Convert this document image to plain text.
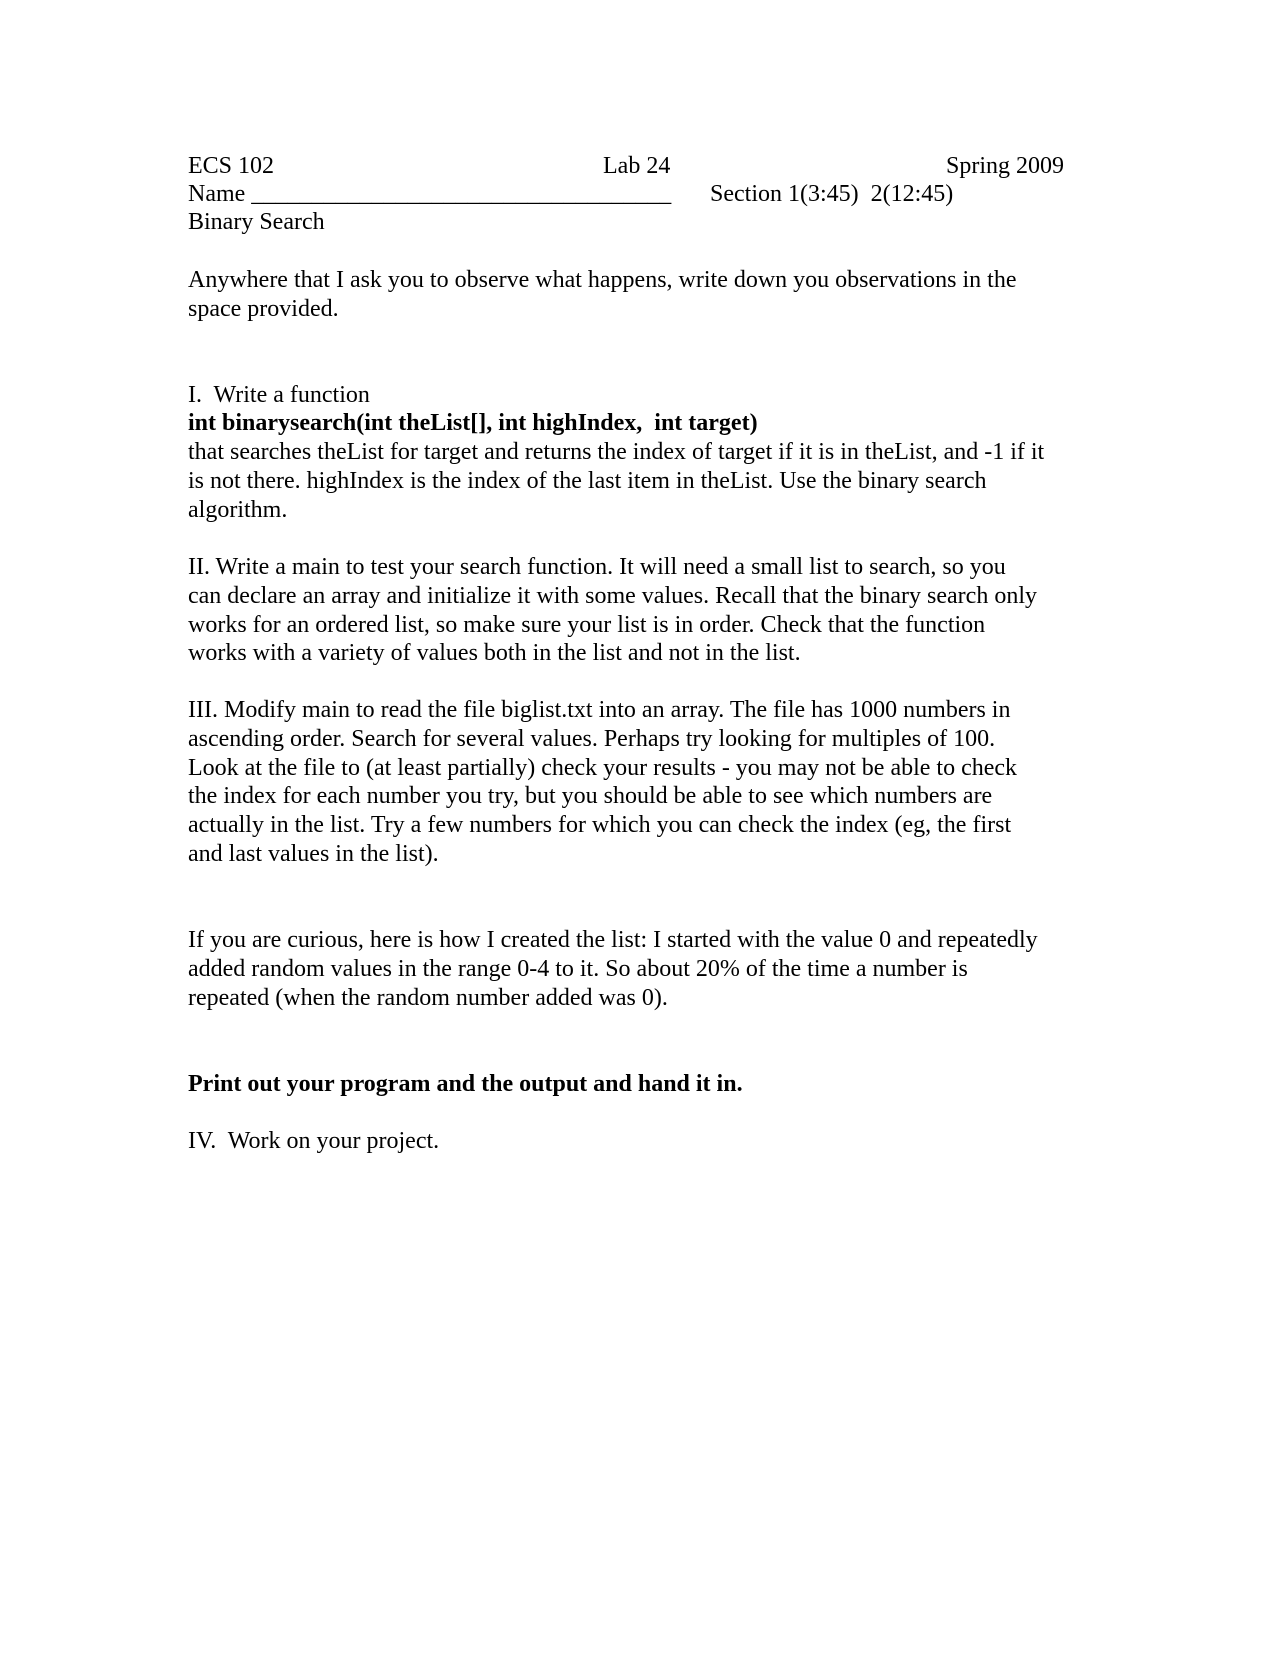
ECS 102	Lab 24	Spring 2009
Name ___________________________________ Section 1(3:45)  2(12:45)
Binary Search
Anywhere that I ask you to observe what happens, write down you observations in the
space provided.
I.  Write a function
int binarysearch(int theList[], int highIndex,  int target)
that searches theList for target and returns the index of target if it is in theList, and -1 if it
is not there. highIndex is the index of the last item in theList. Use the binary search
algorithm.
II. Write a main to test your search function. It will need a small list to search, so you
can declare an array and initialize it with some values. Recall that the binary search only
works for an ordered list, so make sure your list is in order. Check that the function
works with a variety of values both in the list and not in the list.
III. Modify main to read the file biglist.txt into an array. The file has 1000 numbers in
ascending order. Search for several values. Perhaps try looking for multiples of 100.
Look at the file to (at least partially) check your results - you may not be able to check
the index for each number you try, but you should be able to see which numbers are
actually in the list. Try a few numbers for which you can check the index (eg, the first
and last values in the list).
If you are curious, here is how I created the list: I started with the value 0 and repeatedly
added random values in the range 0-4 to it. So about 20% of the time a number is
repeated (when the random number added was 0).
Print out your program and the output and hand it in.
IV.  Work on your project.
